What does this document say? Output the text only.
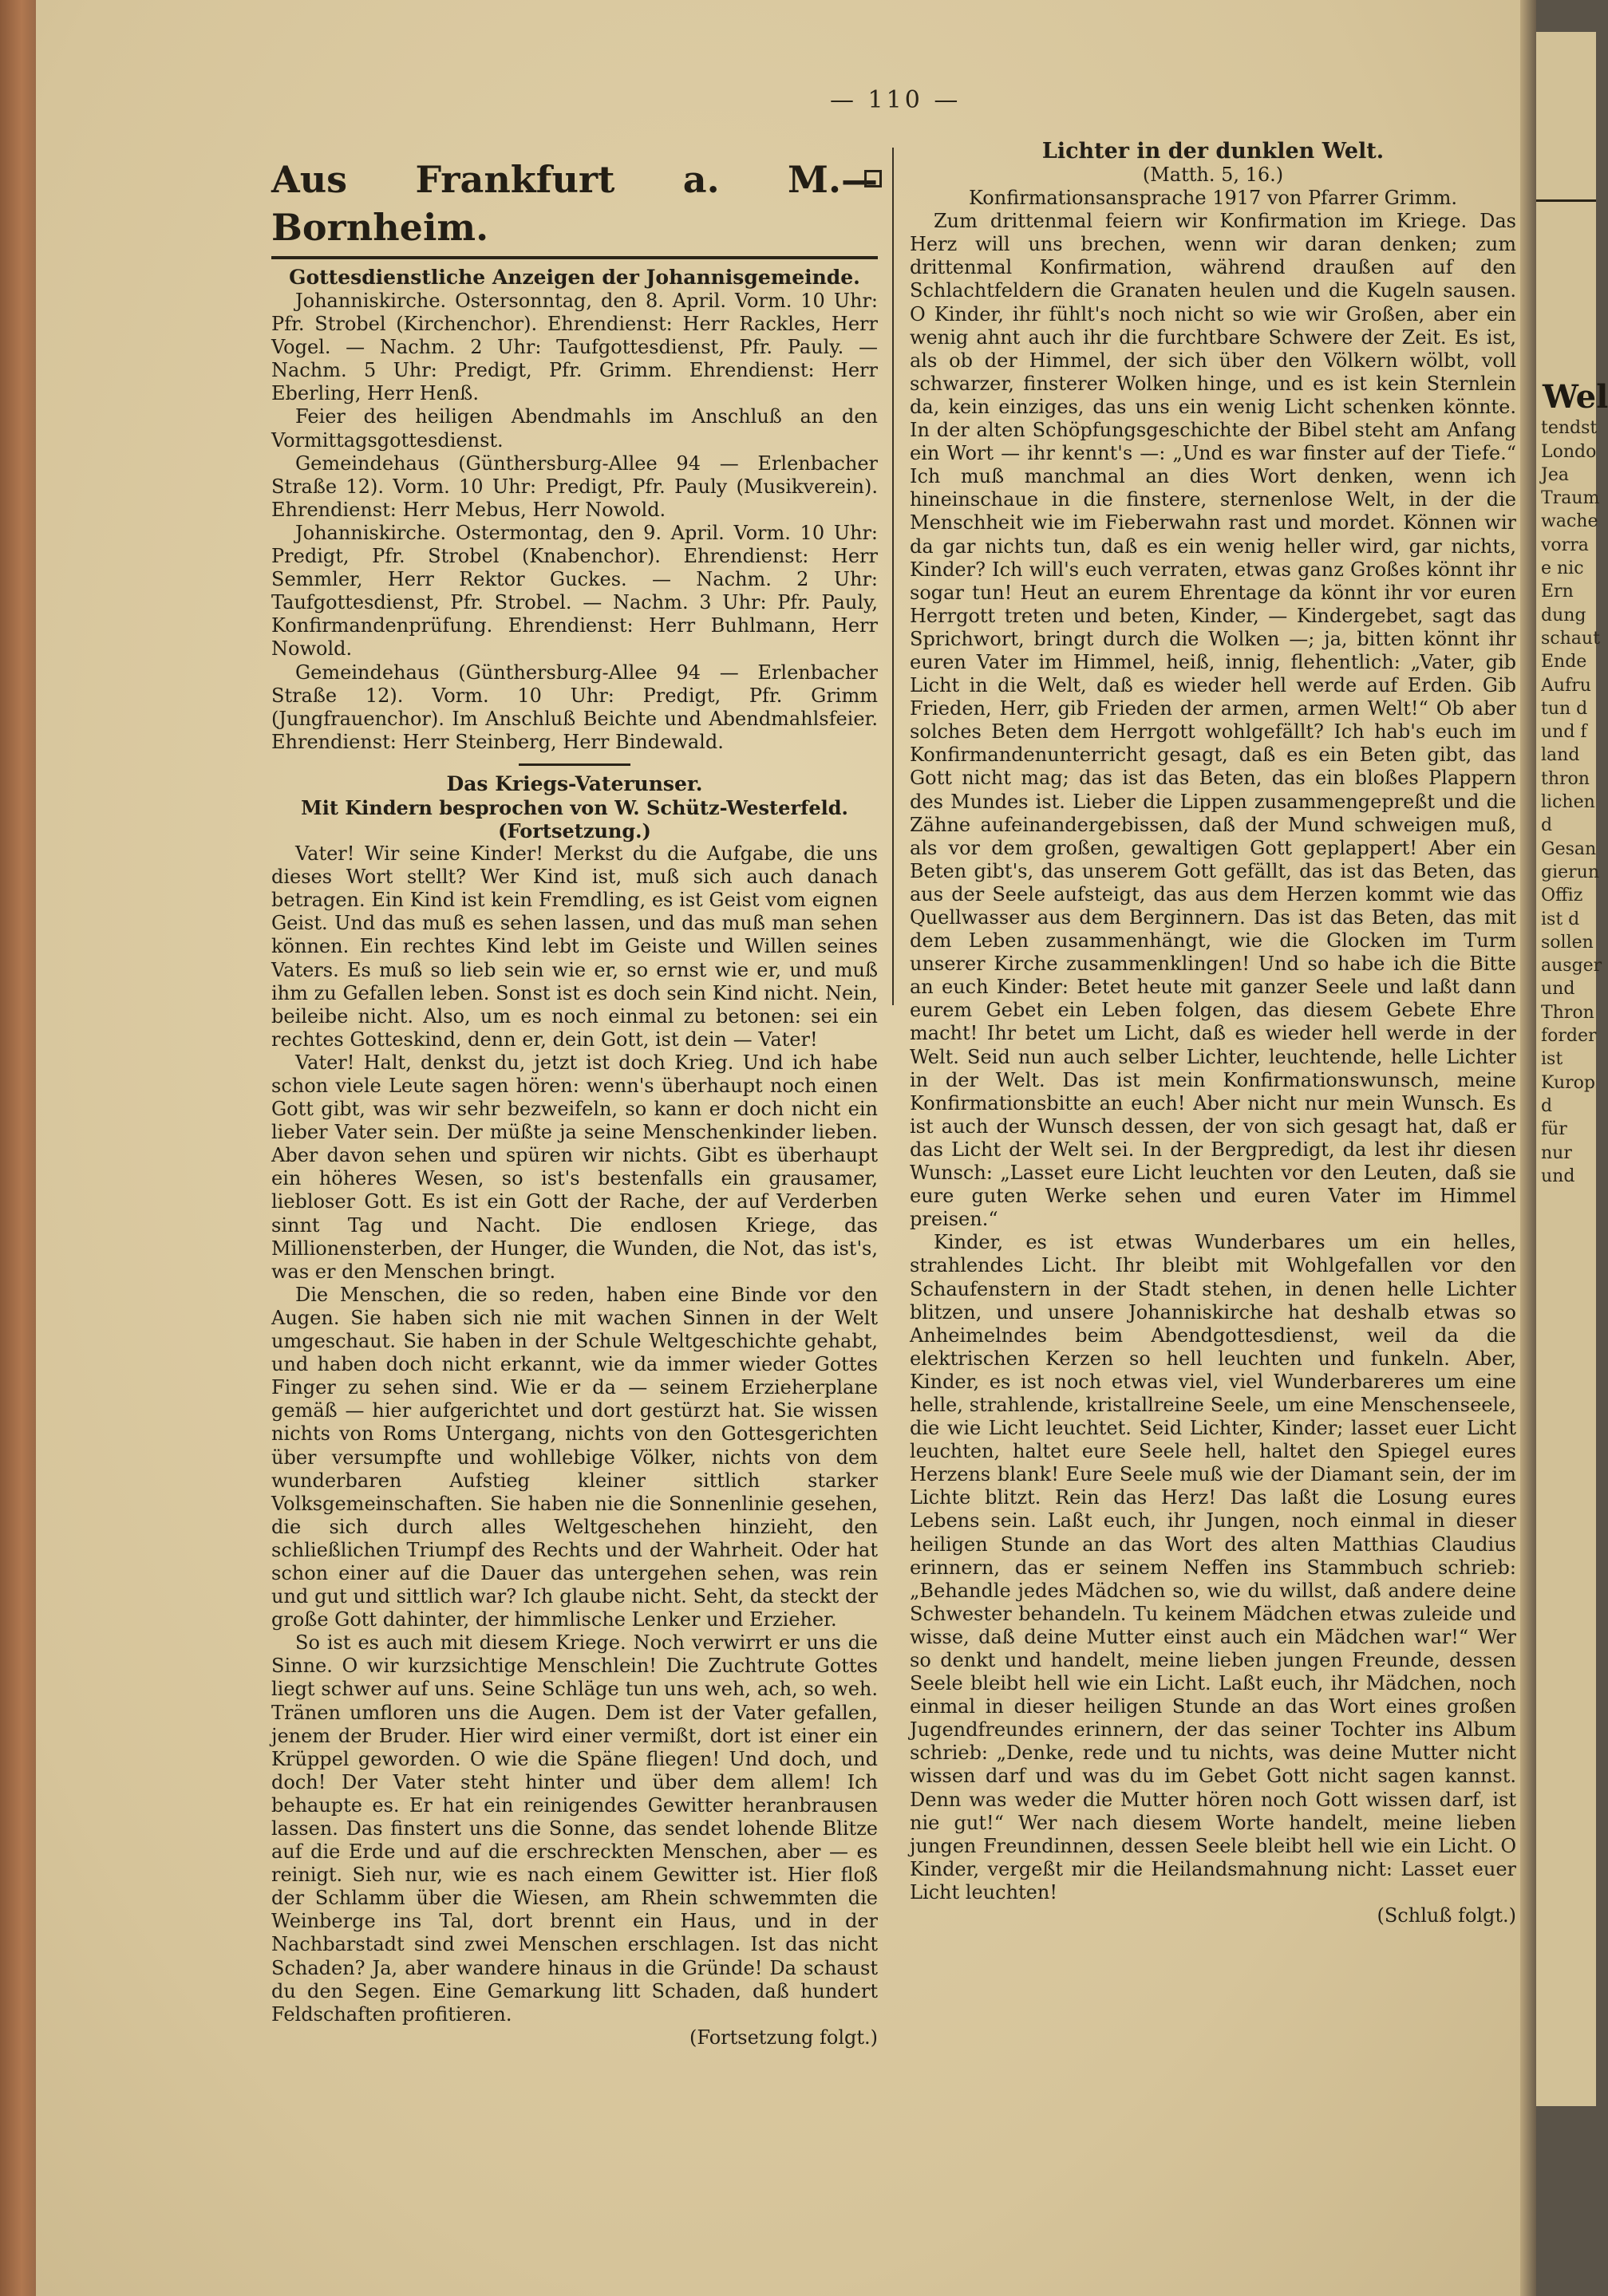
Wel
tendst
Londo
Jea
Traum
wache
vorra
e nic
Ern
dung
schaut
Ende
Aufru
tun d
und f
land
thron
lichen
d
Gesan
gierun
Offiz
ist d
sollen
ausger
und
Thron
forder
ist
Kurop
d
für
nur
und
— 110 —
Aus Frankfurt a. M.—Bornheim.

Gottesdienstliche Anzeigen der Johannisgemeinde.

Johanniskirche. Ostersonntag, den 8. April. Vorm. 10 Uhr: Pfr. Strobel (Kirchenchor). Ehrendienst: Herr Rackles, Herr Vogel. — Nachm. 2 Uhr: Taufgottesdienst, Pfr. Pauly. — Nachm. 5 Uhr: Predigt, Pfr. Grimm. Ehrendienst: Herr Eberling, Herr Henß.

Feier des heiligen Abendmahls im Anschluß an den Vormittagsgottesdienst.

Gemeindehaus (Günthersburg-Allee 94 — Erlenbacher Straße 12). Vorm. 10 Uhr: Predigt, Pfr. Pauly (Musikverein). Ehrendienst: Herr Mebus, Herr Nowold.

Johanniskirche. Ostermontag, den 9. April. Vorm. 10 Uhr: Predigt, Pfr. Strobel (Knabenchor). Ehrendienst: Herr Semmler, Herr Rektor Guckes. — Nachm. 2 Uhr: Taufgottesdienst, Pfr. Strobel. — Nachm. 3 Uhr: Pfr. Pauly, Konfirmandenprüfung. Ehrendienst: Herr Buhlmann, Herr Nowold.

Gemeindehaus (Günthersburg-Allee 94 — Erlenbacher Straße 12). Vorm. 10 Uhr: Predigt, Pfr. Grimm (Jungfrauenchor). Im Anschluß Beichte und Abendmahlsfeier. Ehrendienst: Herr Steinberg, Herr Bindewald.

Das Kriegs-Vaterunser.

Mit Kindern besprochen von W. Schütz-Westerfeld.

(Fortsetzung.)

Vater! Wir seine Kinder! Merkst du die Aufgabe, die uns dieses Wort stellt? Wer Kind ist, muß sich auch danach betragen. Ein Kind ist kein Fremdling, es ist Geist vom eignen Geist. Und das muß es sehen lassen, und das muß man sehen können. Ein rechtes Kind lebt im Geiste und Willen seines Vaters. Es muß so lieb sein wie er, so ernst wie er, und muß ihm zu Gefallen leben. Sonst ist es doch sein Kind nicht. Nein, beileibe nicht. Also, um es noch einmal zu betonen: sei ein rechtes Gotteskind, denn er, dein Gott, ist dein — Vater!

Vater! Halt, denkst du, jetzt ist doch Krieg. Und ich habe schon viele Leute sagen hören: wenn's überhaupt noch einen Gott gibt, was wir sehr bezweifeln, so kann er doch nicht ein lieber Vater sein. Der müßte ja seine Menschenkinder lieben. Aber davon sehen und spüren wir nichts. Gibt es überhaupt ein höheres Wesen, so ist's bestenfalls ein grausamer, liebloser Gott. Es ist ein Gott der Rache, der auf Verderben sinnt Tag und Nacht. Die endlosen Kriege, das Millionensterben, der Hunger, die Wunden, die Not, das ist's, was er den Menschen bringt.

Die Menschen, die so reden, haben eine Binde vor den Augen. Sie haben sich nie mit wachen Sinnen in der Welt umgeschaut. Sie haben in der Schule Weltgeschichte gehabt, und haben doch nicht erkannt, wie da immer wieder Gottes Finger zu sehen sind. Wie er da — seinem Erzieherplane gemäß — hier aufgerichtet und dort gestürzt hat. Sie wissen nichts von Roms Untergang, nichts von den Gottesgerichten über versumpfte und wohllebige Völker, nichts von dem wunderbaren Aufstieg kleiner sittlich starker Volksgemeinschaften. Sie haben nie die Sonnenlinie gesehen, die sich durch alles Weltgeschehen hinzieht, den schließlichen Triumpf des Rechts und der Wahrheit. Oder hat schon einer auf die Dauer das untergehen sehen, was rein und gut und sittlich war? Ich glaube nicht. Seht, da steckt der große Gott dahinter, der himmlische Lenker und Erzieher.

So ist es auch mit diesem Kriege. Noch verwirrt er uns die Sinne. O wir kurzsichtige Menschlein! Die Zuchtrute Gottes liegt schwer auf uns. Seine Schläge tun uns weh, ach, so weh. Tränen umfloren uns die Augen. Dem ist der Vater gefallen, jenem der Bruder. Hier wird einer vermißt, dort ist einer ein Krüppel geworden. O wie die Späne fliegen! Und doch, und doch! Der Vater steht hinter und über dem allem! Ich behaupte es. Er hat ein reinigendes Gewitter heranbrausen lassen. Das finstert uns die Sonne, das sendet lohende Blitze auf die Erde und auf die erschreckten Menschen, aber — es reinigt. Sieh nur, wie es nach einem Gewitter ist. Hier floß der Schlamm über die Wiesen, am Rhein schwemmten die Weinberge ins Tal, dort brennt ein Haus, und in der Nachbarstadt sind zwei Menschen erschlagen. Ist das nicht Schaden? Ja, aber wandere hinaus in die Gründe! Da schaust du den Segen. Eine Gemarkung litt Schaden, daß hundert Feldschaften profitieren.

(Fortsetzung folgt.)

Lichter in der dunklen Welt.

(Matth. 5, 16.)

Konfirmationsansprache 1917 von Pfarrer Grimm.

Zum drittenmal feiern wir Konfirmation im Kriege. Das Herz will uns brechen, wenn wir daran denken; zum drittenmal Konfirmation, während draußen auf den Schlachtfeldern die Granaten heulen und die Kugeln sausen. O Kinder, ihr fühlt's noch nicht so wie wir Großen, aber ein wenig ahnt auch ihr die furchtbare Schwere der Zeit. Es ist, als ob der Himmel, der sich über den Völkern wölbt, voll schwarzer, finsterer Wolken hinge, und es ist kein Sternlein da, kein einziges, das uns ein wenig Licht schenken könnte. In der alten Schöpfungsgeschichte der Bibel steht am Anfang ein Wort — ihr kennt's —: „Und es war finster auf der Tiefe.“ Ich muß manchmal an dies Wort denken, wenn ich hineinschaue in die finstere, sternenlose Welt, in der die Menschheit wie im Fieberwahn rast und mordet. Können wir da gar nichts tun, daß es ein wenig heller wird, gar nichts, Kinder? Ich will's euch verraten, etwas ganz Großes könnt ihr sogar tun! Heut an eurem Ehrentage da könnt ihr vor euren Herrgott treten und beten, Kinder, — Kindergebet, sagt das Sprichwort, bringt durch die Wolken —; ja, bitten könnt ihr euren Vater im Himmel, heiß, innig, flehentlich: „Vater, gib Licht in die Welt, daß es wieder hell werde auf Erden. Gib Frieden, Herr, gib Frieden der armen, armen Welt!“ Ob aber solches Beten dem Herrgott wohlgefällt? Ich hab's euch im Konfirmandenunterricht gesagt, daß es ein Beten gibt, das Gott nicht mag; das ist das Beten, das ein bloßes Plappern des Mundes ist. Lieber die Lippen zusammengepreßt und die Zähne aufeinandergebissen, daß der Mund schweigen muß, als vor dem großen, gewaltigen Gott geplappert! Aber ein Beten gibt's, das unserem Gott gefällt, das ist das Beten, das aus der Seele aufsteigt, das aus dem Herzen kommt wie das Quellwasser aus dem Berginnern. Das ist das Beten, das mit dem Leben zusammenhängt, wie die Glocken im Turm unserer Kirche zusammenklingen! Und so habe ich die Bitte an euch Kinder: Betet heute mit ganzer Seele und laßt dann eurem Gebet ein Leben folgen, das diesem Gebete Ehre macht! Ihr betet um Licht, daß es wieder hell werde in der Welt. Seid nun auch selber Lichter, leuchtende, helle Lichter in der Welt. Das ist mein Konfirmationswunsch, meine Konfirmationsbitte an euch! Aber nicht nur mein Wunsch. Es ist auch der Wunsch dessen, der von sich gesagt hat, daß er das Licht der Welt sei. In der Bergpredigt, da lest ihr diesen Wunsch: „Lasset eure Licht leuchten vor den Leuten, daß sie eure guten Werke sehen und euren Vater im Himmel preisen.“

Kinder, es ist etwas Wunderbares um ein helles, strahlendes Licht. Ihr bleibt mit Wohlgefallen vor den Schaufenstern in der Stadt stehen, in denen helle Lichter blitzen, und unsere Johanniskirche hat deshalb etwas so Anheimelndes beim Abendgottesdienst, weil da die elektrischen Kerzen so hell leuchten und funkeln. Aber, Kinder, es ist noch etwas viel, viel Wunderbareres um eine helle, strahlende, kristallreine Seele, um eine Menschenseele, die wie Licht leuchtet. Seid Lichter, Kinder; lasset euer Licht leuchten, haltet eure Seele hell, haltet den Spiegel eures Herzens blank! Eure Seele muß wie der Diamant sein, der im Lichte blitzt. Rein das Herz! Das laßt die Losung eures Lebens sein. Laßt euch, ihr Jungen, noch einmal in dieser heiligen Stunde an das Wort des alten Matthias Claudius erinnern, das er seinem Neffen ins Stammbuch schrieb: „Behandle jedes Mädchen so, wie du willst, daß andere deine Schwester behandeln. Tu keinem Mädchen etwas zuleide und wisse, daß deine Mutter einst auch ein Mädchen war!“ Wer so denkt und handelt, meine lieben jungen Freunde, dessen Seele bleibt hell wie ein Licht. Laßt euch, ihr Mädchen, noch einmal in dieser heiligen Stunde an das Wort eines großen Jugendfreundes erinnern, der das seiner Tochter ins Album schrieb: „Denke, rede und tu nichts, was deine Mutter nicht wissen darf und was du im Gebet Gott nicht sagen kannst. Denn was weder die Mutter hören noch Gott wissen darf, ist nie gut!“ Wer nach diesem Worte handelt, meine lieben jungen Freundinnen, dessen Seele bleibt hell wie ein Licht. O Kinder, vergeßt mir die Heilandsmahnung nicht: Lasset euer Licht leuchten!

(Schluß folgt.)
